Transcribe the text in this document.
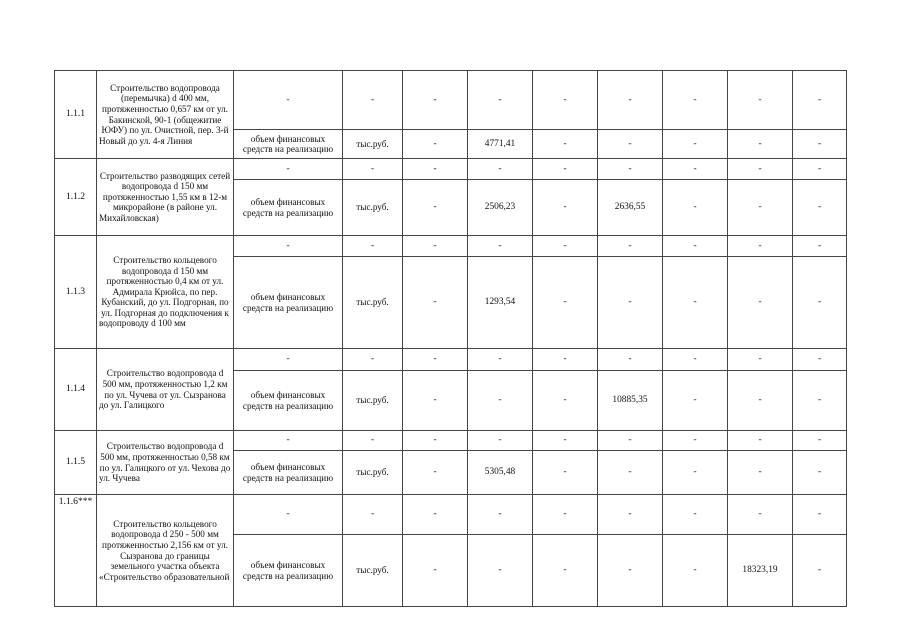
1.1.1	Строительство водопровода (перемычка) d 400 мм, протяженностью 0,657 км от ул. Бакинской, 90-1 (общежитие ЮФУ) по ул. Очистной, пер. 3-й Новый до ул. 4-я Линия	-	-	-	-	-	-	-	-	-	
		объем финансовых средств на реализацию	тыс.руб.	-	4771,41	-	-	-	-	-	
1.1.2	Строительство разводящих сетей водопровода d 150 мм протяженностью 1,55 км в 12-м микрорайоне (в районе ул. Михайловская)	-	-	-	-	-	-	-	-	-	
		объем финансовых средств на реализацию	тыс.руб.	-	2506,23	-	2636,55	-	-	-	
1.1.3	Строительство кольцевого водопровода d 150 мм протяженностью 0,4 км от ул. Адмирала Крюйса, по пер. Кубанский, до ул. Подгорная, по ул. Подгорная до подключения к водопроводу d 100 мм	-	-	-	-	-	-	-	-	-	
		объем финансовых средств на реализацию	тыс.руб.	-	1293,54	-	-	-	-	-	
1.1.4	Строительство водопровода d 500 мм, протяженностью 1,2 км по ул. Чучева от ул. Сызранова до ул. Галицкого	-	-	-	-	-	-	-	-	-	
		объем финансовых средств на реализацию	тыс.руб.	-	-	-	10885,35	-	-	-	
1.1.5	Строительство водопровода d 500 мм, протяженностью 0,58 км по ул. Галицкого от ул. Чехова до ул. Чучева	-	-	-	-	-	-	-	-	-	
		объем финансовых средств на реализацию	тыс.руб.	-	5305,48	-	-	-	-	-	
1.1.6***	Строительство кольцевого водопровода d 250 - 500 мм протяженностью 2,156 км от ул. Сызранова до границы земельного участка объекта «Строительство образовательной	-	-	-	-	-	-	-	-	-	
		объем финансовых средств на реализацию	тыс.руб.	-	-	-	-	-	18323,19	-	
